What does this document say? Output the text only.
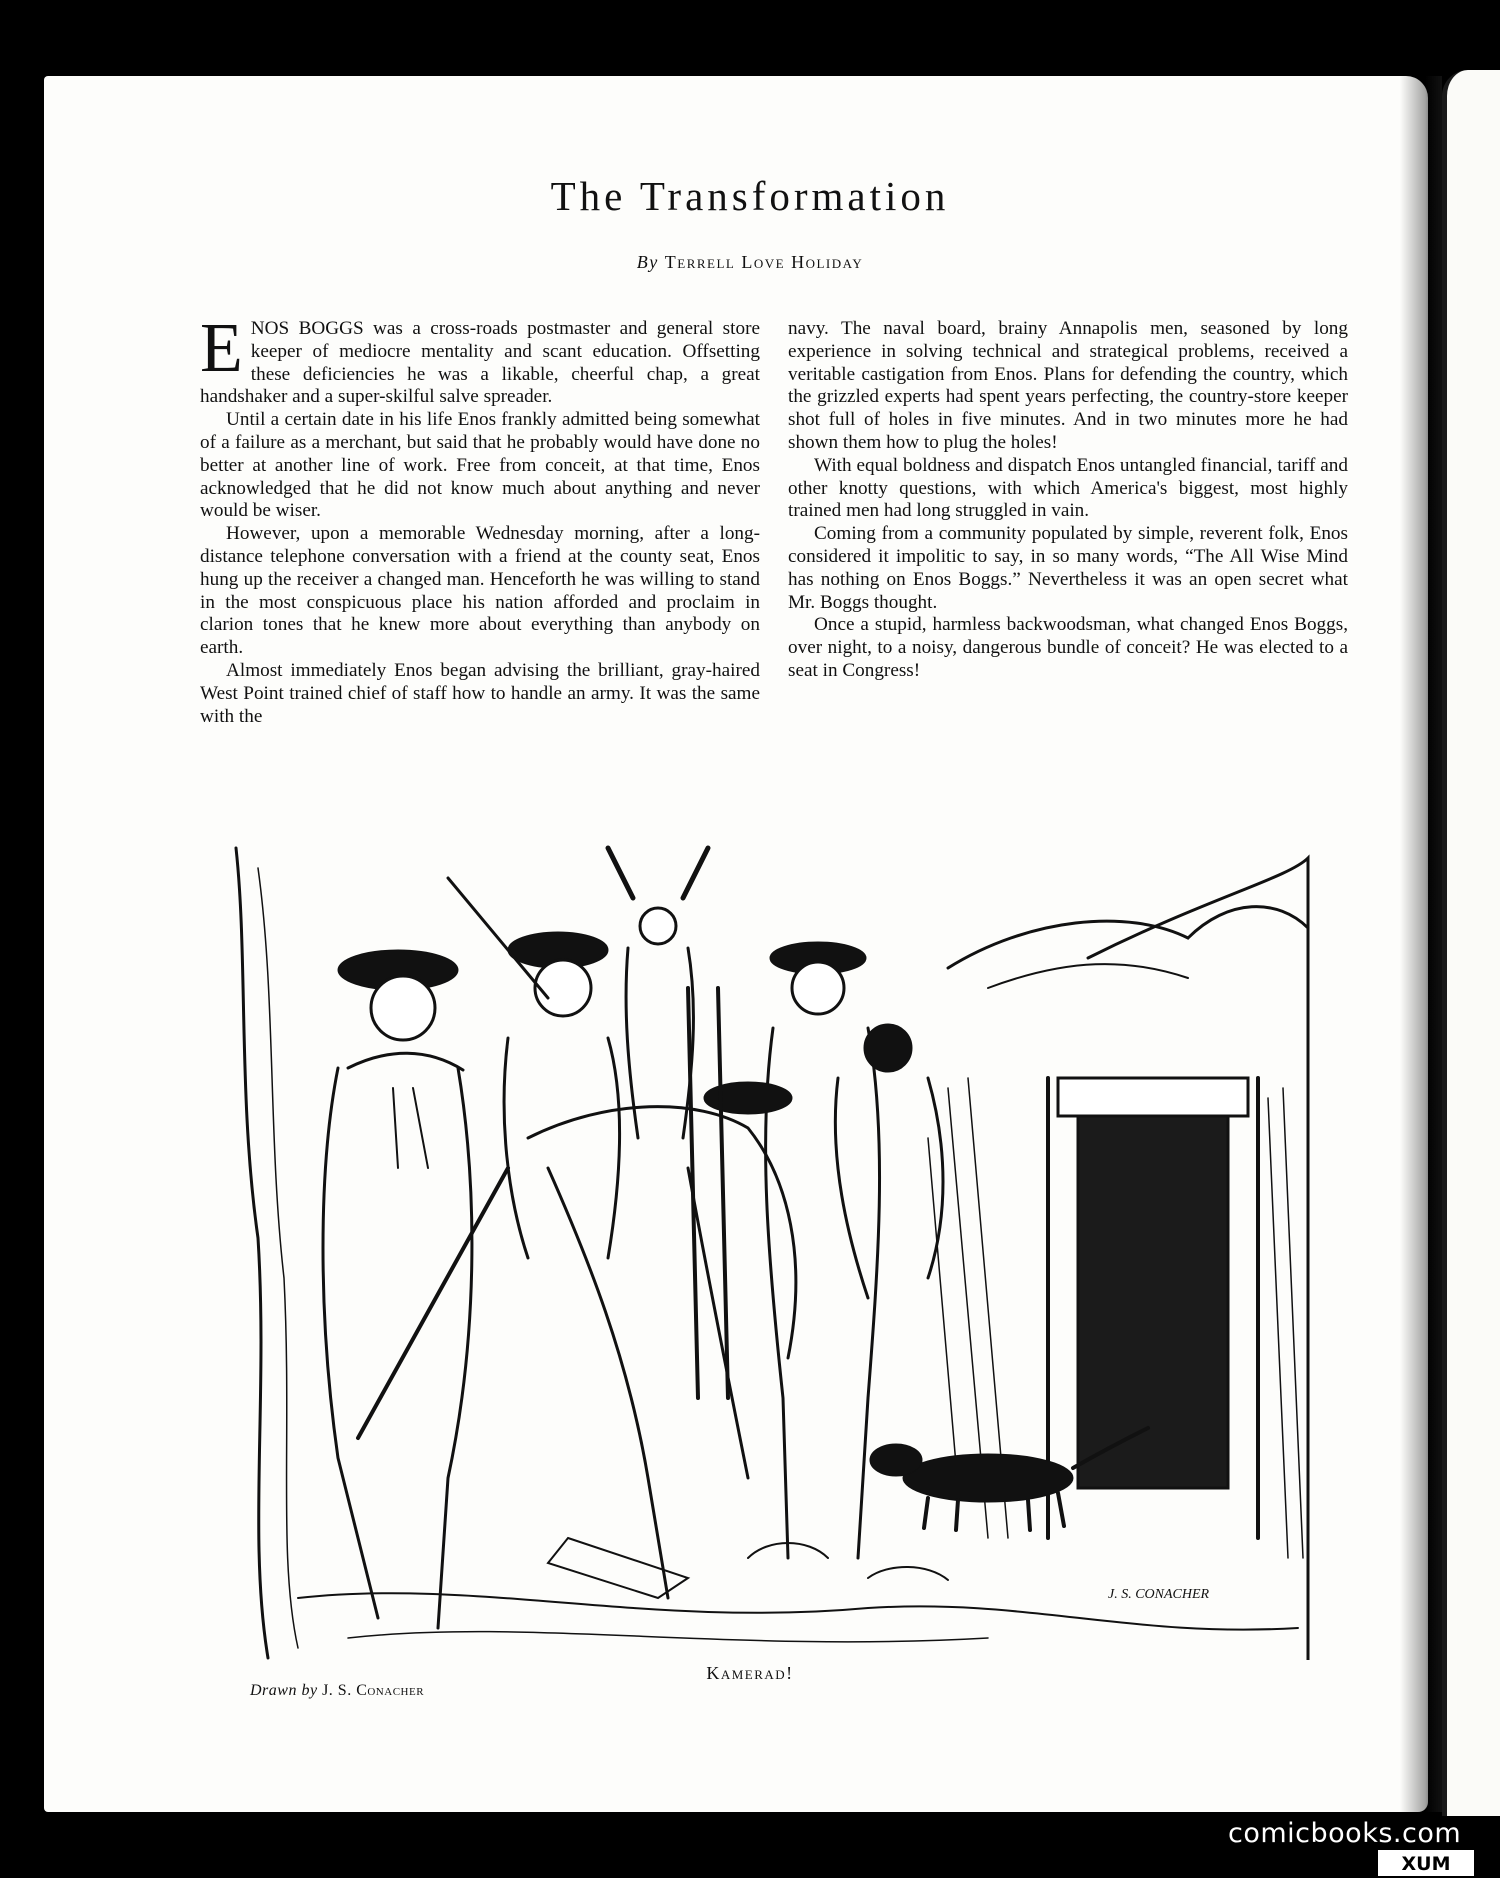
The Transformation
By Terrell Love Holiday

ENOS BOGGS was a cross-roads postmaster and general store keeper of mediocre mentality and scant education. Offsetting these deficiencies he was a likable, cheerful chap, a great handshaker and a super-skilful salve spreader.

Until a certain date in his life Enos frankly admitted being somewhat of a failure as a merchant, but said that he probably would have done no better at another line of work. Free from conceit, at that time, Enos acknowledged that he did not know much about anything and never would be wiser.

However, upon a memorable Wednesday morning, after a long-distance telephone conversation with a friend at the county seat, Enos hung up the receiver a changed man. Henceforth he was willing to stand in the most conspicuous place his nation afforded and proclaim in clarion tones that he knew more about everything than anybody on earth.

Almost immediately Enos began advising the brilliant, gray-haired West Point trained chief of staff how to handle an army. It was the same with the

navy. The naval board, brainy Annapolis men, seasoned by long experience in solving technical and strategical problems, received a veritable castigation from Enos. Plans for defending the country, which the grizzled experts had spent years perfecting, the country-store keeper shot full of holes in five minutes. And in two minutes more he had shown them how to plug the holes!

With equal boldness and dispatch Enos untangled financial, tariff and other knotty questions, with which America's biggest, most highly trained men had long struggled in vain.

Coming from a community populated by simple, reverent folk, Enos considered it impolitic to say, in so many words, “The All Wise Mind has nothing on Enos Boggs.” Nevertheless it was an open secret what Mr. Boggs thought.

Once a stupid, harmless backwoodsman, what changed Enos Boggs, over night, to a noisy, dangerous bundle of conceit? He was elected to a seat in Congress!

J. S. CONACHER
Drawn by J. S. Conacher
Kamerad!
comicbooks.com
XUM
